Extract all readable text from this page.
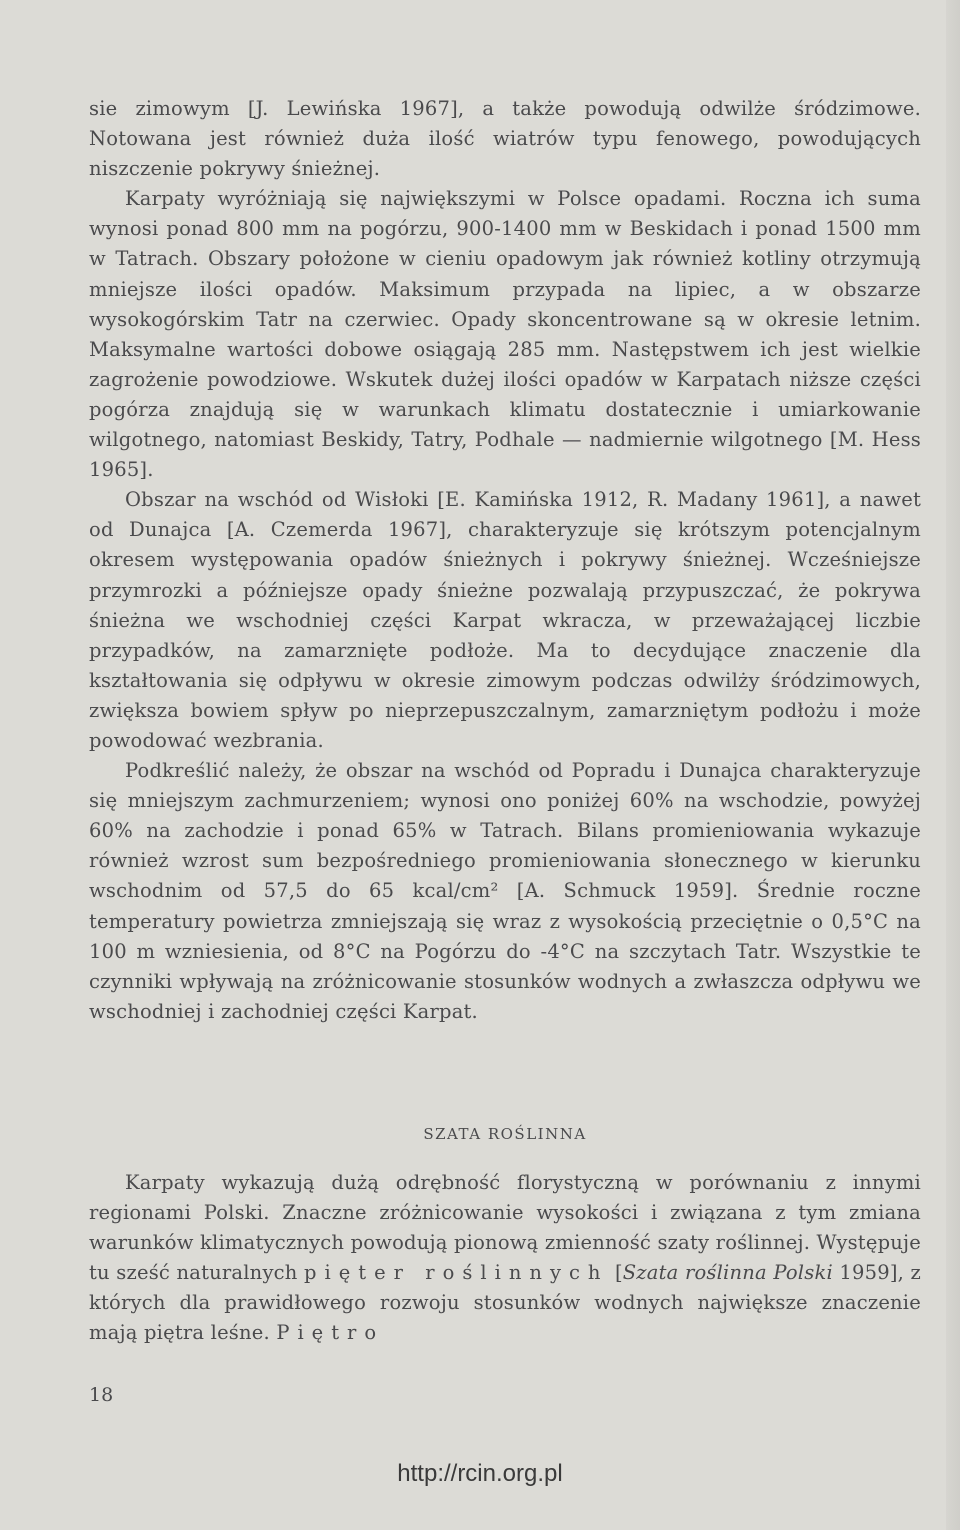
sie zimowym [J. Lewińska 1967], a także powodują odwilże śródzimowe. Notowana jest również duża ilość wiatrów typu fenowego, powodujących niszczenie pokrywy śnieżnej.

Karpaty wyróżniają się największymi w Polsce opadami. Roczna ich suma wynosi ponad 800 mm na pogórzu, 900-1400 mm w Beskidach i ponad 1500 mm w Tatrach. Obszary położone w cieniu opadowym jak również kotliny otrzymują mniejsze ilości opadów. Maksimum przypada na lipiec, a w obszarze wysokogórskim Tatr na czerwiec. Opady skoncentrowane są w okresie letnim. Maksymalne wartości dobowe osiągają 285 mm. Następstwem ich jest wielkie zagrożenie powodziowe. Wskutek dużej ilości opadów w Karpatach niższe części pogórza znajdują się w warunkach klimatu dostatecznie i umiarkowanie wilgotnego, natomiast Beskidy, Tatry, Podhale — nadmiernie wilgotnego [M. Hess 1965].

Obszar na wschód od Wisłoki [E. Kamińska 1912, R. Madany 1961], a nawet od Dunajca [A. Czemerda 1967], charakteryzuje się krótszym potencjalnym okresem występowania opadów śnieżnych i pokrywy śnieżnej. Wcześniejsze przymrozki a późniejsze opady śnieżne pozwalają przypuszczać, że pokrywa śnieżna we wschodniej części Karpat wkracza, w przeważającej liczbie przypadków, na zamarznięte podłoże. Ma to decydujące znaczenie dla kształtowania się odpływu w okresie zimowym podczas odwilży śródzimowych, zwiększa bowiem spływ po nieprzepuszczalnym, zamarzniętym podłożu i może powodować wezbrania.

Podkreślić należy, że obszar na wschód od Popradu i Dunajca charakteryzuje się mniejszym zachmurzeniem; wynosi ono poniżej 60% na wschodzie, powyżej 60% na zachodzie i ponad 65% w Tatrach. Bilans promieniowania wykazuje również wzrost sum bezpośredniego promieniowania słonecznego w kierunku wschodnim od 57,5 do 65 kcal/cm² [A. Schmuck 1959]. Średnie roczne temperatury powietrza zmniejszają się wraz z wysokością przeciętnie o 0,5°C na 100 m wzniesienia, od 8°C na Pogórzu do -4°C na szczytach Tatr. Wszystkie te czynniki wpływają na zróżnicowanie stosunków wodnych a zwłaszcza odpływu we wschodniej i zachodniej części Karpat.

SZATA ROŚLINNA

Karpaty wykazują dużą odrębność florystyczną w porównaniu z innymi regionami Polski. Znaczne zróżnicowanie wysokości i związana z tym zmiana warunków klimatycznych powodują pionową zmienność szaty roślinnej. Występuje tu sześć naturalnych pięter roślinnych [Szata roślinna Polski 1959], z których dla prawidłowego rozwoju stosunków wodnych największe znaczenie mają piętra leśne. Piętro

18
http://rcin.org.pl
